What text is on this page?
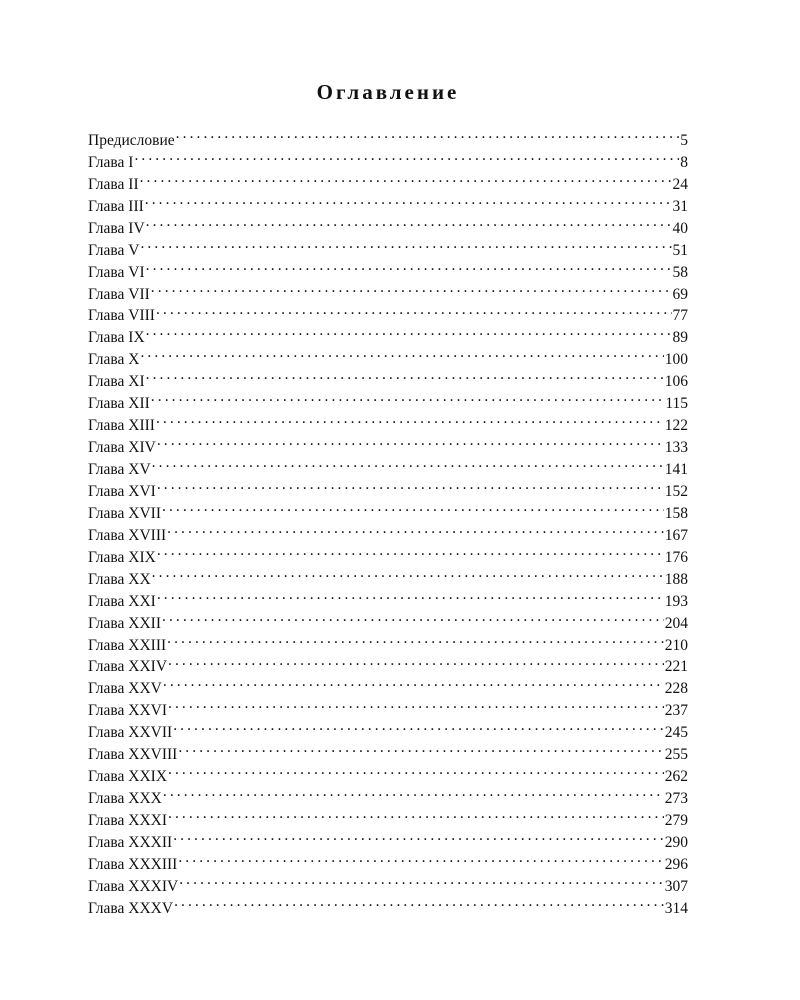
Оглавление
Предисловие . . .	5
Глава I . . .	8
Глава II . . .	24
Глава III . . .	31
Глава IV . . .	40
Глава V . . .	51
Глава VI . . .	58
Глава VII . . .	69
Глава VIII . . .	77
Глава IX . . .	89
Глава X . . .	100
Глава XI . . .	106
Глава XII . . .	115
Глава XIII . . .	122
Глава XIV . . .	133
Глава XV . . .	141
Глава XVI . . .	152
Глава XVII . . .	158
Глава XVIII . . .	167
Глава XIX . . .	176
Глава XX . . .	188
Глава XXI . . .	193
Глава XXII . . .	204
Глава XXIII . . .	210
Глава XXIV . . .	221
Глава XXV . . .	228
Глава XXVI . . .	237
Глава XXVII . . .	245
Глава XXVIII . . .	255
Глава XXIX . . .	262
Глава XXX . . .	273
Глава XXXI . . .	279
Глава XXXII . . .	290
Глава XXXIII . . .	296
Глава XXXIV . . .	307
Глава XXXV . . .	314
